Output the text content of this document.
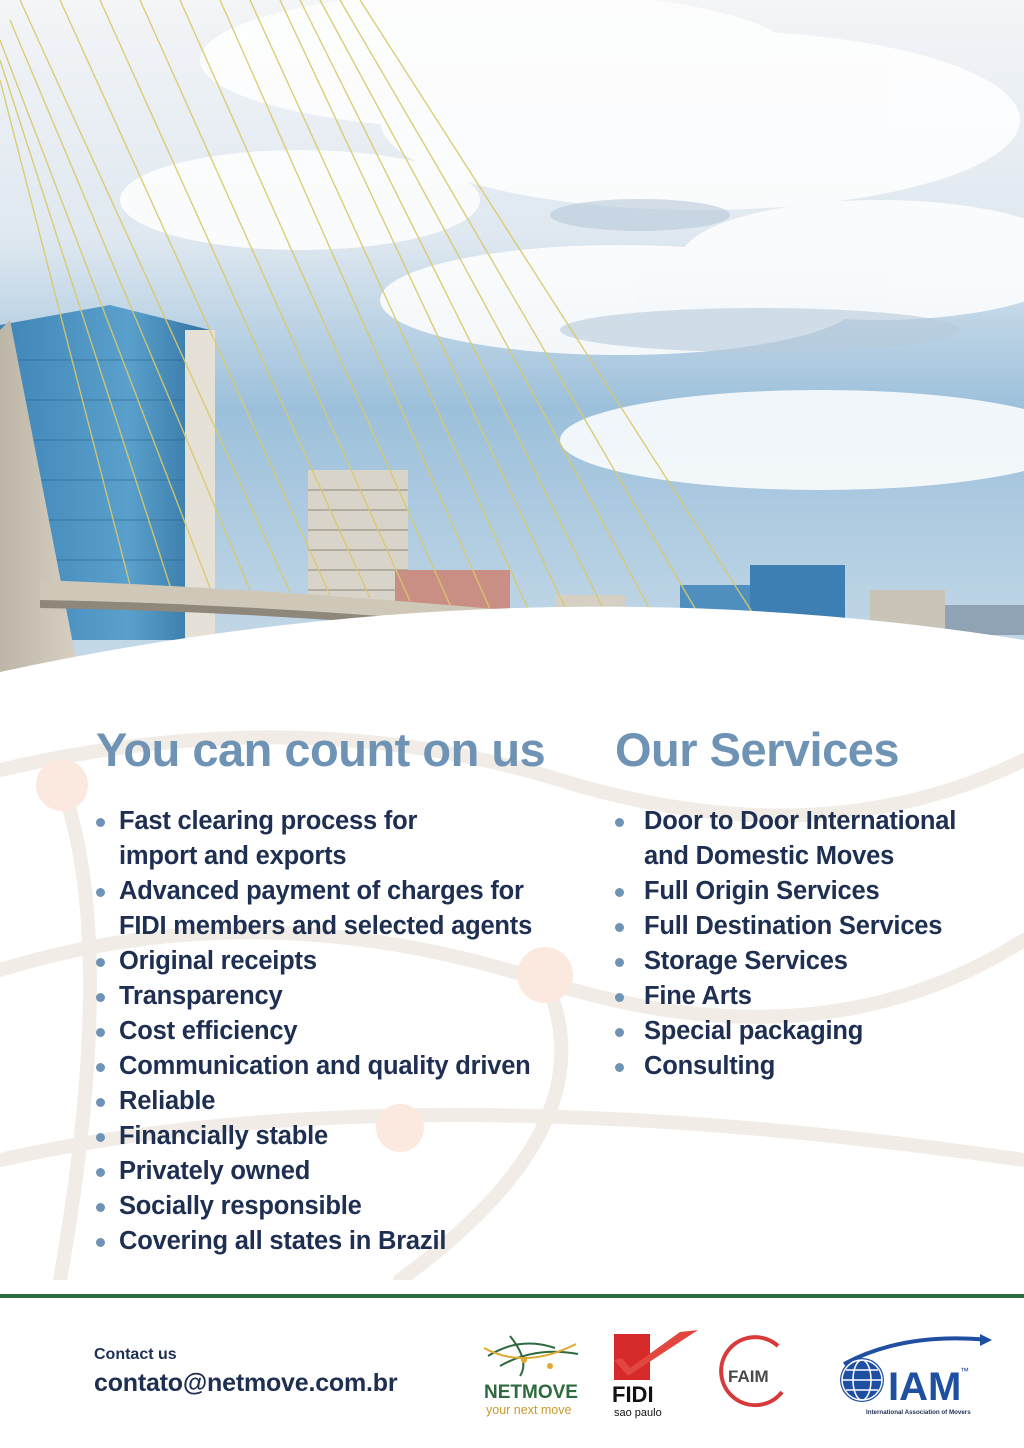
You can count on us
Fast clearing process for
import and exports
Advanced payment of charges for
FIDI members and selected agents
Original receipts
Transparency
Cost efficiency
Communication and quality driven
Reliable
Financially stable
Privately owned
Socially responsible
Covering all states in Brazil
Our Services
Door to Door International
and Domestic Moves
Full Origin Services
Full Destination Services
Storage Services
Fine Arts
Special packaging
Consulting
Contact us
contato@netmove.com.br	NETMOVE
your next move
FIDI
sao paulo
FAIM	IAM
™
International Association of Movers
